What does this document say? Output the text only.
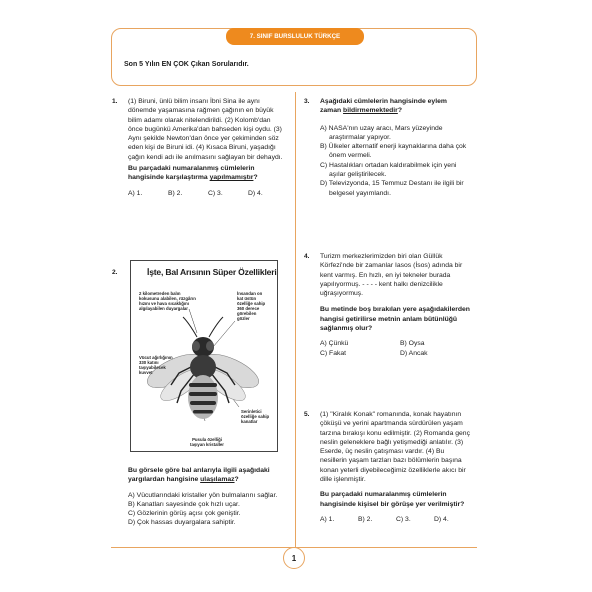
7. SINIF BURSLULUK TÜRKÇE
Son 5 Yılın EN ÇOK Çıkan Soruları​dır.
1. (1) Biruni, ünlü bilim insanı İbni Sina ile aynı dönemde yaşamasına rağmen çağının en büyük bilim adamı olarak nitelendirildi. (2) Kolomb'dan önce bugünkü Amerika'dan bahseden kişi oydu. (3) Aynı şekilde Newton'dan önce yer çekiminden söz eden kişi de Biruni idi. (4) Kısaca Biruni, yaşadığı çağın kendi adı ile anılmasını sağlayan bir dehaydı.

Bu parçadaki numaralanmış cümlelerin hangisinde karşılaştırma yapılmamıştır?

A) 1.	B) 2.	C) 3.	D) 4.
2.	İşte, Bal Arısının Süper Özellikleri
2 kilometreden balın kokusunu alabilen, rüzgârın hızını ve hava sıcaklığını algılayabilen duyargalar
İnsandan on kat üstün özelliğe sahip 360 derece görebilen gözler
Vücut ağırlığının 330 katını taşıyabilecek kuvvet
Serinletici özelliğe sahip kanatlar
Pusula özelliği taşıyan kristaller

Bu görsele göre bal arılarıyla ilgili aşağıdaki yargılardan hangisine ulaşılamaz?

A) Vücutlarındaki kristaller yön bulmalarını sağlar.
B) Kanatları sayesinde çok hızlı uçar.
C) Gözlerinin görüş açısı çok geniştir.
D) Çok hassas duyargalara sahiptir.
3. Aşağıdaki cümlelerin hangisinde eylem zaman bildirmemektedir?

A) NASA'nın uzay aracı, Mars yüzeyinde araştırmalar yapıyor.
B) Ülkeler alternatif enerji kaynaklarına daha çok önem vermeli.
C) Hastalıkları ortadan kaldırabilmek için yeni aşılar geliştirilecek.
D) Televizyonda, 15 Temmuz Destanı ile ilgili bir belgesel yayımlandı.
4. Turizm merkezlerimizden biri olan Güllük Körfezi'nde bir zamanlar Iasos (İsos) adında bir kent varmış. En hızlı, en iyi tekneler burada yapılıyormuş. - - - - kent halkı denizcilikle uğraşıyormuş.

Bu metinde boş bırakılan yere aşağıdakilerden hangisi getirilirse metnin anlam bütünlüğü sağlanmış olur?

A) Çünkü	B) Oysa
C) Fakat	D) Ancak
5. (1) "Kiralık Konak" romanında, konak hayatının çöküşü ve yerini apartmanda sürdürülen yaşam tarzına bırakışı konu edilmiştir. (2) Romanda genç neslin geleneklere bağlı yetişmediği anlatılır. (3) Eserde, üç neslin çatışması vardır. (4) Bu nesillerin yaşam tarzları bazı bölümlerin başına konan yeterli diyebileceğimiz özelliklerle akıcı bir dille işlenmiştir.

Bu parçadaki numaralanmış cümlelerin hangisinde kişisel bir görüşe yer verilmiştir?

A) 1.	B) 2.	C) 3.	D) 4.
1
